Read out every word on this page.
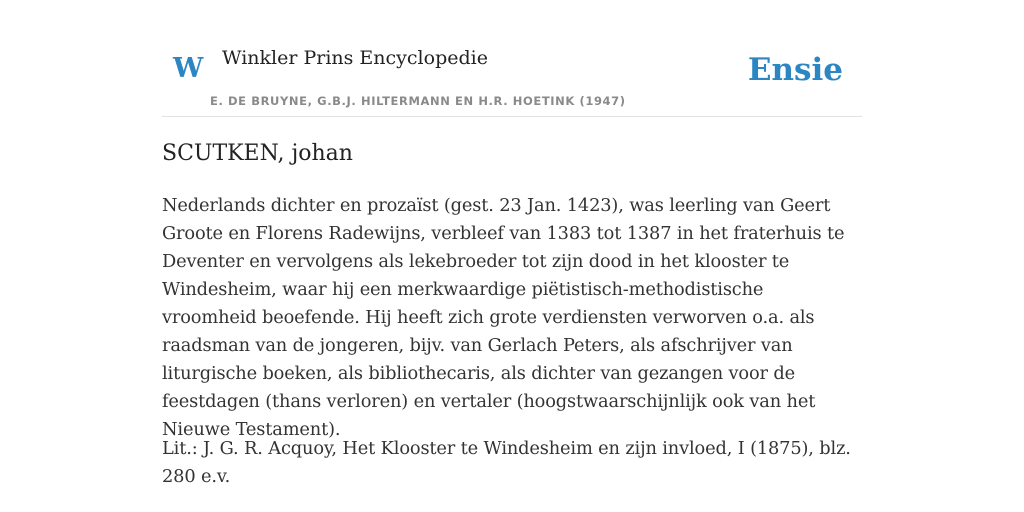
W Winkler Prins Encyclopedie
E. DE BRUYNE, G.B.J. HILTERMANN EN H.R. HOETINK (1947)
Ensie
SCUTKEN, johan

Nederlands dichter en prozaïst (gest. 23 Jan. 1423), was leerling van Geert Groote en Florens Radewijns, verbleef van 1383 tot 1387 in het fraterhuis te Deventer en vervolgens als lekebroeder tot zijn dood in het klooster te Windesheim, waar hij een merkwaardige piëtistisch-methodistische vroomheid beoefende. Hij heeft zich grote verdiensten verworven o.a. als raadsman van de jongeren, bijv. van Gerlach Peters, als afschrijver van liturgische boeken, als bibliothecaris, als dichter van gezangen voor de feestdagen (thans verloren) en vertaler (hoogstwaarschijnlijk ook van het Nieuwe Testament).

Lit.: J. G. R. Acquoy, Het Klooster te Windesheim en zijn invloed, I (1875), blz. 280 e.v.
